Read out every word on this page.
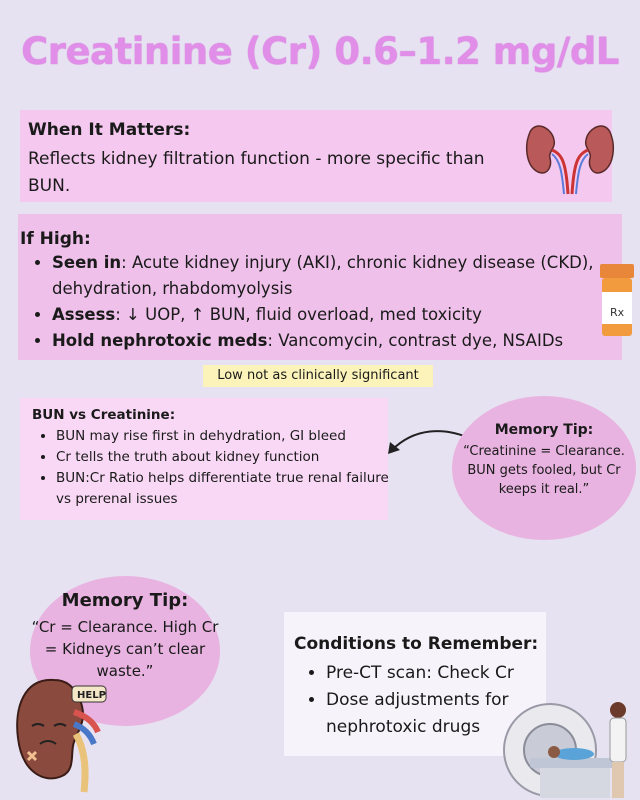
Creatinine (Cr) 0.6–1.2 mg/dL
When It Matters:
Reflects kidney filtration function - more specific than BUN.
If High:
• Seen in: Acute kidney injury (AKI), chronic kidney disease (CKD), dehydration, rhabdomyolysis
• Assess: ↓ UOP, ↑ BUN, fluid overload, med toxicity
• Hold nephrotoxic meds: Vancomycin, contrast dye, NSAIDs
Rx
Low not as clinically significant
BUN vs Creatinine:
• BUN may rise first in dehydration, GI bleed
• Cr tells the truth about kidney function
• BUN:Cr Ratio helps differentiate true renal failure vs prerenal issues
Memory Tip:
“Creatinine = Clearance. BUN gets fooled, but Cr keeps it real.”
Memory Tip:
“Cr = Clearance. High Cr = Kidneys can’t clear waste.”
HELP
Conditions to Remember:
• Pre-CT scan: Check Cr
• Dose adjustments for nephrotoxic drugs
